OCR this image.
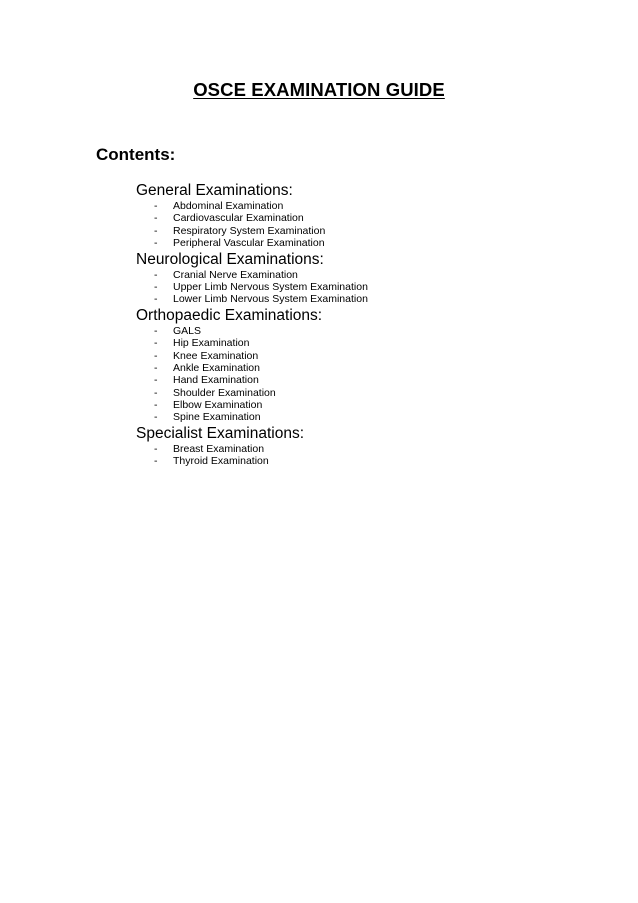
OSCE EXAMINATION GUIDE
Contents:
General Examinations:
- Abdominal Examination
- Cardiovascular Examination
- Respiratory System Examination
- Peripheral Vascular Examination
Neurological Examinations:
- Cranial Nerve Examination
- Upper Limb Nervous System Examination
- Lower Limb Nervous System Examination
Orthopaedic Examinations:
- GALS
- Hip Examination
- Knee Examination
- Ankle Examination
- Hand Examination
- Shoulder Examination
- Elbow Examination
- Spine Examination
Specialist Examinations:
- Breast Examination
- Thyroid Examination
